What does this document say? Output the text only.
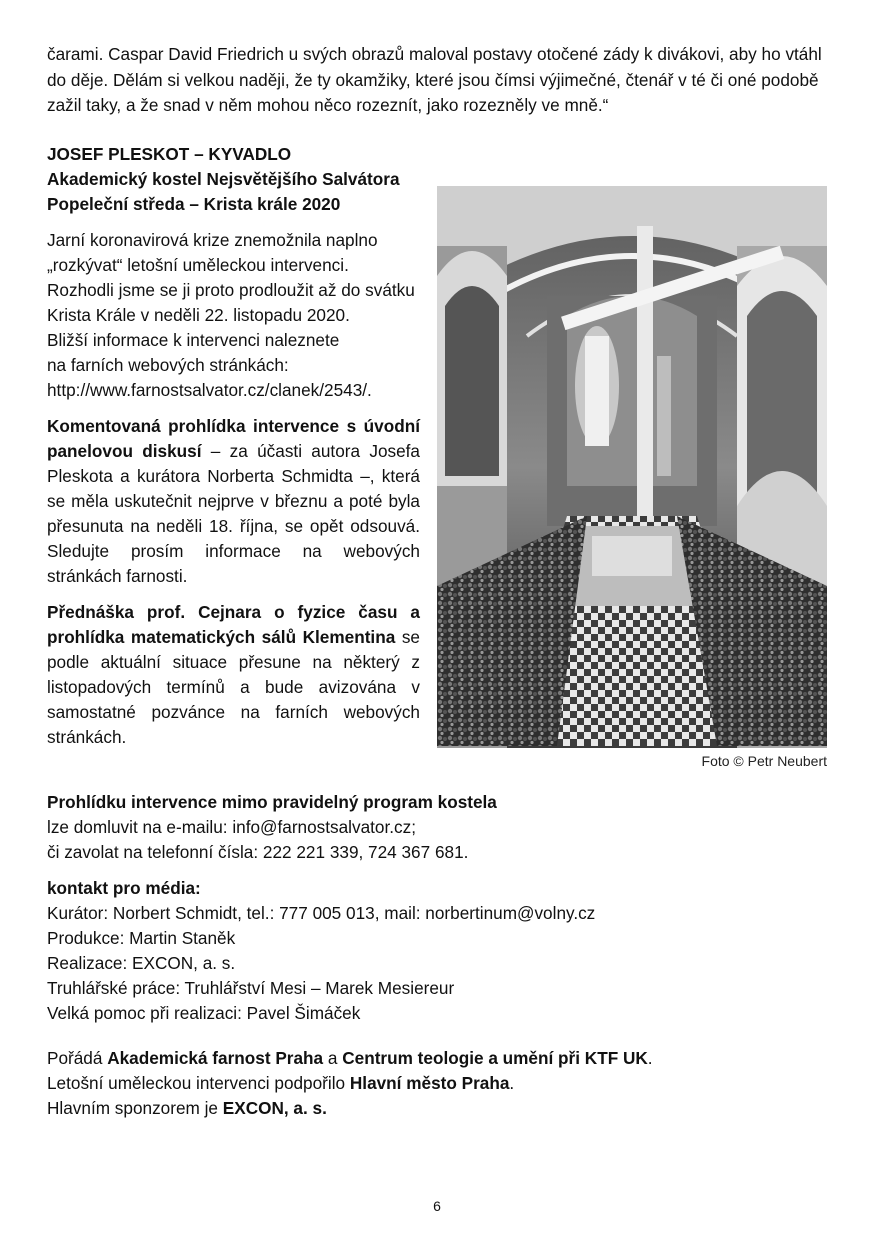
čarami. Caspar David Friedrich u svých obrazů maloval postavy otočené zády k divákovi, aby ho vtáhl do děje. Dělám si velkou naději, že ty okamžiky, které jsou čímsi výjimečné, čtenář v té či oné podobě zažil taky, a že snad v něm mohou něco rozeznít, jako rozezněly ve mně.“

JOSEF PLESKOT – KYVADLO
Akademický kostel Nejsvětějšího Salvátora
Popeleční středa – Krista krále 2020
Jarní koronavirová krize znemožnila naplno „rozkývat“ letošní uměleckou intervenci. Rozhodli jsme se ji proto prodloužit až do svátku Krista Krále v neděli 22. listopadu 2020.
Bližší informace k intervenci naleznete
na farních webových stránkách:
http://www.farnostsalvator.cz/clanek/2543/.

Komentovaná prohlídka intervence s úvodní panelovou diskusí – za účasti autora Josefa Pleskota a kurátora Norberta Schmidta –, která se měla uskutečnit nejprve v březnu a poté byla přesunuta na neděli 18. října, se opět odsouvá. Sledujte prosím informace na webových stránkách farnosti.

Přednáška prof. Cejnara o fyzice času a prohlídka matematických sálů Klementina se podle aktuální situace přesune na některý z listopadových termínů a bude avizována v samostatné pozvánce na farních webových stránkách.

Foto © Petr Neubert
Prohlídku intervence mimo pravidelný program kostela
lze domluvit na e-mailu: info@farnostsalvator.cz;
či zavolat na telefonní čísla: 222 221 339, 724 367 681.
kontakt pro média:
Kurátor: Norbert Schmidt, tel.: 777 005 013, mail: norbertinum@volny.cz
Produkce: Martin Staněk
Realizace: EXCON, a. s.
Truhlářské práce: Truhlářství Mesi – Marek Mesiereur
Velká pomoc při realizaci: Pavel Šimáček
Pořádá Akademická farnost Praha a Centrum teologie a umění při KTF UK.
Letošní uměleckou intervenci podpořilo Hlavní město Praha.
Hlavním sponzorem je EXCON, a. s.
6
